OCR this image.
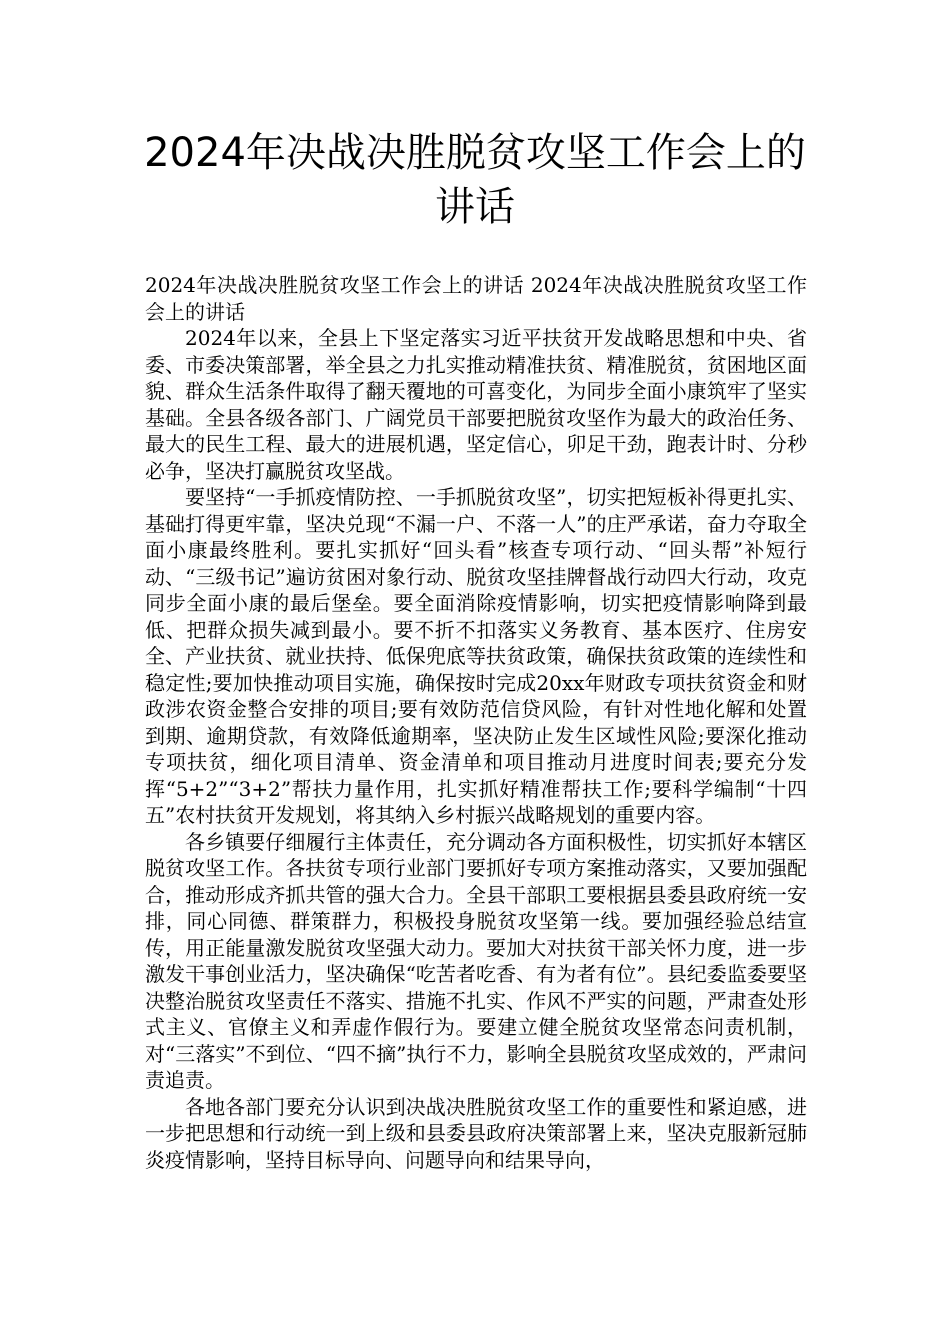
2024年决战决胜脱贫攻坚工作会上的讲话

2024年决战决胜脱贫攻坚工作会上的讲话 2024年决战决胜脱贫攻坚工作会上的讲话

2024年以来，全县上下坚定落实习近平扶贫开发战略思想和中央、省委、市委决策部署，举全县之力扎实推动精准扶贫、精准脱贫，贫困地区面貌、群众生活条件取得了翻天覆地的可喜变化，为同步全面小康筑牢了坚实基础。全县各级各部门、广阔党员干部要把脱贫攻坚作为最大的政治任务、最大的民生工程、最大的进展机遇，坚定信心，卯足干劲，跑表计时、分秒必争，坚决打赢脱贫攻坚战。

要坚持“一手抓疫情防控、一手抓脱贫攻坚”，切实把短板补得更扎实、基础打得更牢靠，坚决兑现“不漏一户、不落一人”的庄严承诺，奋力夺取全面小康最终胜利。要扎实抓好“回头看”核查专项行动、“回头帮”补短行动、“三级书记”遍访贫困对象行动、脱贫攻坚挂牌督战行动四大行动，攻克同步全面小康的最后堡垒。要全面消除疫情影响，切实把疫情影响降到最低、把群众损失减到最小。要不折不扣落实义务教育、基本医疗、住房安全、产业扶贫、就业扶持、低保兜底等扶贫政策，确保扶贫政策的连续性和稳定性;要加快推动项目实施，确保按时完成20xx年财政专项扶贫资金和财政涉农资金整合安排的项目;要有效防范信贷风险，有针对性地化解和处置到期、逾期贷款，有效降低逾期率，坚决防止发生区域性风险;要深化推动专项扶贫，细化项目清单、资金清单和项目推动月进度时间表;要充分发挥“5+2”“3+2”帮扶力量作用，扎实抓好精准帮扶工作;要科学编制“十四五”农村扶贫开发规划，将其纳入乡村振兴战略规划的重要内容。

各乡镇要仔细履行主体责任，充分调动各方面积极性，切实抓好本辖区脱贫攻坚工作。各扶贫专项行业部门要抓好专项方案推动落实，又要加强配合，推动形成齐抓共管的强大合力。全县干部职工要根据县委县政府统一安排，同心同德、群策群力，积极投身脱贫攻坚第一线。要加强经验总结宣传，用正能量激发脱贫攻坚强大动力。要加大对扶贫干部关怀力度，进一步激发干事创业活力，坚决确保“吃苦者吃香、有为者有位”。县纪委监委要坚决整治脱贫攻坚责任不落实、措施不扎实、作风不严实的问题，严肃查处形式主义、官僚主义和弄虚作假行为。要建立健全脱贫攻坚常态问责机制，对“三落实”不到位、“四不摘”执行不力，影响全县脱贫攻坚成效的，严肃问责追责。

各地各部门要充分认识到决战决胜脱贫攻坚工作的重要性和紧迫感，进一步把思想和行动统一到上级和县委县政府决策部署上来，坚决克服新冠肺炎疫情影响，坚持目标导向、问题导向和结果导向，
